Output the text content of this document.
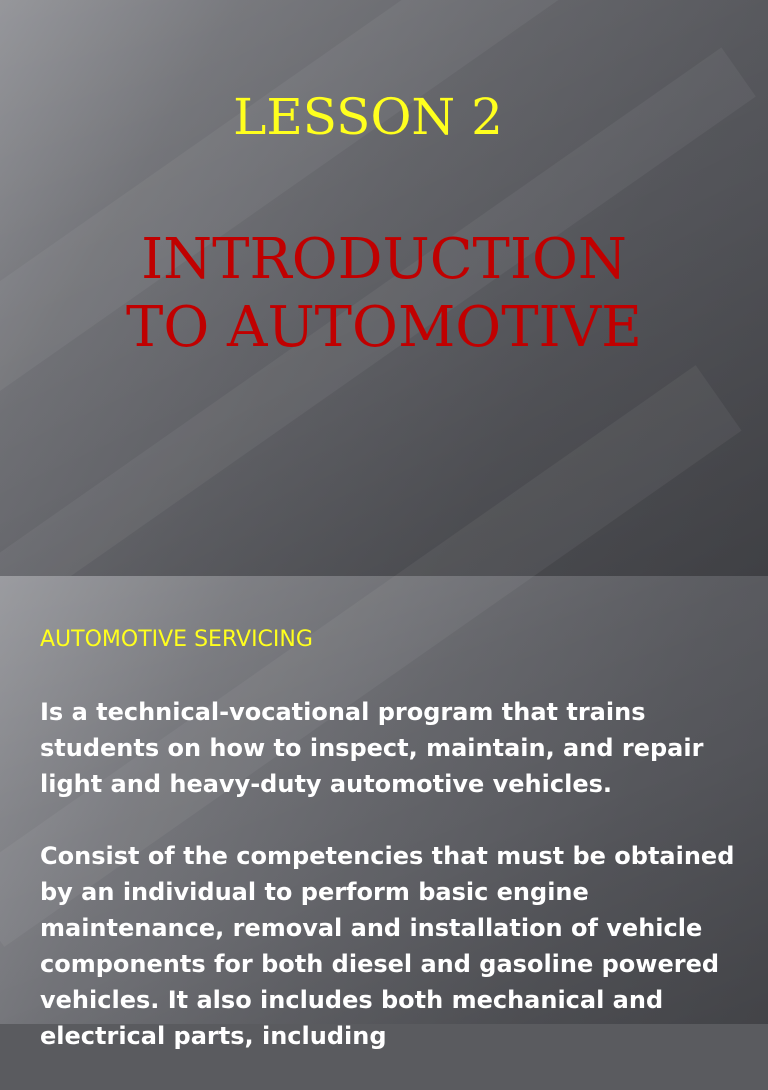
LESSON 2
INTRODUCTION
TO AUTOMOTIVE
AUTOMOTIVE SERVICING
Is a technical-vocational program that trains students on how to inspect, maintain, and repair light and heavy-duty automotive vehicles.
Consist of the competencies that must be obtained by an individual to perform basic engine maintenance, removal and installation of vehicle components for both diesel and gasoline powered vehicles. It also includes both mechanical and electrical parts, including
